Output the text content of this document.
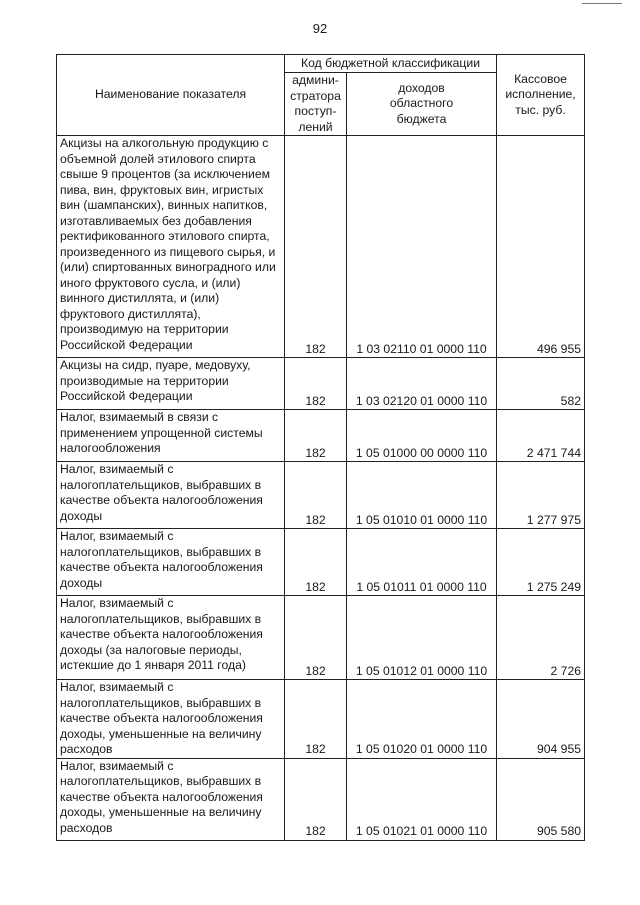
92
Наименование показателя	Код бюджетной классификации		Кассовое
исполнение,
тыс. руб.
	админи-
стратора
поступ-
лений	доходов
областного
бюджета	
Акцизы на алкогольную продукцию с объемной долей этилового спирта свыше 9 процентов (за исключением пива, вин, фруктовых вин, игристых вин (шампанских), винных напитков, изготавливаемых без добавления ректификованного этилового спирта, произведенного из пищевого сырья, и (или) спиртованных виноградного или иного фруктового сусла, и (или) винного дистиллята, и (или) фруктового дистиллята), производимую на территории Российской Федерации	182	1 03 02110 01 0000 110	496 955
Акцизы на сидр, пуаре, медовуху, производимые на территории Российской Федерации	182	1 03 02120 01 0000 110	582
Налог, взимаемый в связи с применением упрощенной системы налогообложения	182	1 05 01000 00 0000 110	2 471 744
Налог, взимаемый с налогоплательщиков, выбравших в качестве объекта налогообложения доходы	182	1 05 01010 01 0000 110	1 277 975
Налог, взимаемый с налогоплательщиков, выбравших в качестве объекта налогообложения доходы	182	1 05 01011 01 0000 110	1 275 249
Налог, взимаемый с налогоплательщиков, выбравших в качестве объекта налогообложения доходы (за налоговые периоды, истекшие до 1 января 2011 года)	182	1 05 01012 01 0000 110	2 726
Налог, взимаемый с налогоплательщиков, выбравших в качестве объекта налогообложения доходы, уменьшенные на величину расходов	182	1 05 01020 01 0000 110	904 955
Налог, взимаемый с налогоплательщиков, выбравших в качестве объекта налогообложения доходы, уменьшенные на величину расходов	182	1 05 01021 01 0000 110	905 580
